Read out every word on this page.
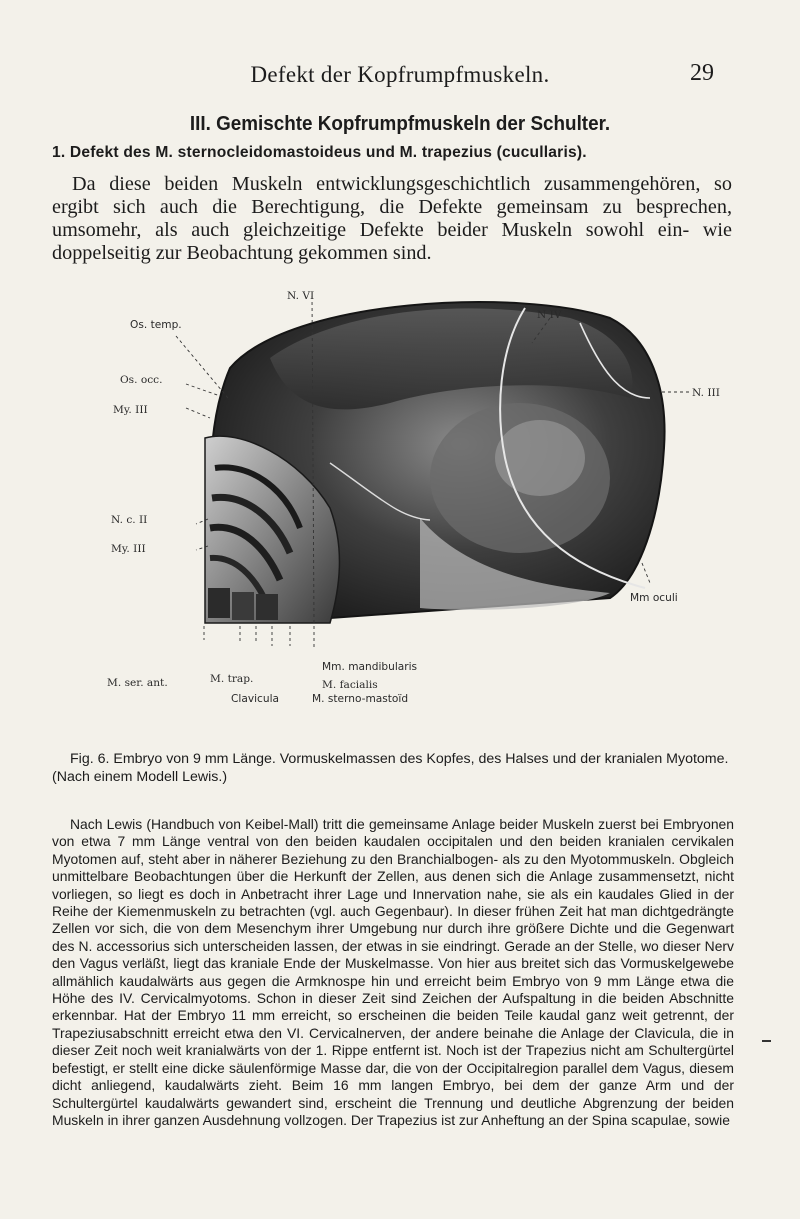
Defekt der Kopfrumpfmuskeln.	29
III. Gemischte Kopfrumpfmuskeln der Schulter.
1. Defekt des M. sternocleidomastoideus und M. trapezius (cucullaris).
Da diese beiden Muskeln entwicklungsgeschichtlich zusammengehören, so ergibt sich auch die Berechtigung, die Defekte gemeinsam zu besprechen, umsomehr, als auch gleichzeitige Defekte beider Muskeln sowohl ein- wie doppelseitig zur Beobachtung gekommen sind.
N. VI
N IV
Os. temp.
Os. occ.
My. III
N. III
N. c. II
My. III
Mm oculi
Mm. mandibularis
M. ser. ant.	M. trap.	M. facialis
Clavicula	M. sterno-mastoïd
Fig. 6. Embryo von 9 mm Länge. Vormuskelmassen des Kopfes, des Halses und der kranialen Myotome. (Nach einem Modell Lewis.)
Nach Lewis (Handbuch von Keibel-Mall) tritt die gemeinsame Anlage beider Muskeln zuerst bei Embryonen von etwa 7 mm Länge ventral von den beiden kaudalen occipitalen und den beiden kranialen cervikalen Myotomen auf, steht aber in näherer Beziehung zu den Branchialbogen- als zu den Myotommuskeln. Obgleich unmittelbare Beobachtungen über die Herkunft der Zellen, aus denen sich die Anlage zusammensetzt, nicht vorliegen, so liegt es doch in Anbetracht ihrer Lage und Innervation nahe, sie als ein kaudales Glied in der Reihe der Kiemenmuskeln zu betrachten (vgl. auch Gegenbaur). In dieser frühen Zeit hat man dichtgedrängte Zellen vor sich, die von dem Mesenchym ihrer Umgebung nur durch ihre größere Dichte und die Gegenwart des N. accessorius sich unterscheiden lassen, der etwas in sie eindringt. Gerade an der Stelle, wo dieser Nerv den Vagus verläßt, liegt das kraniale Ende der Muskelmasse. Von hier aus breitet sich das Vormuskelgewebe allmählich kaudalwärts aus gegen die Armknospe hin und erreicht beim Embryo von 9 mm Länge etwa die Höhe des IV. Cervicalmyotoms. Schon in dieser Zeit sind Zeichen der Aufspaltung in die beiden Abschnitte erkennbar. Hat der Embryo 11 mm erreicht, so erscheinen die beiden Teile kaudal ganz weit getrennt, der Trapeziusabschnitt erreicht etwa den VI. Cervicalnerven, der andere beinahe die Anlage der Clavicula, die in dieser Zeit noch weit kranialwärts von der 1. Rippe entfernt ist. Noch ist der Trapezius nicht am Schultergürtel befestigt, er stellt eine dicke säulenförmige Masse dar, die von der Occipitalregion parallel dem Vagus, diesem dicht anliegend, kaudalwärts zieht. Beim 16 mm langen Embryo, bei dem der ganze Arm und der Schultergürtel kaudalwärts gewandert sind, erscheint die Trennung und deutliche Abgrenzung der beiden Muskeln in ihrer ganzen Ausdehnung vollzogen. Der Trapezius ist zur Anheftung an der Spina scapulae, sowie
